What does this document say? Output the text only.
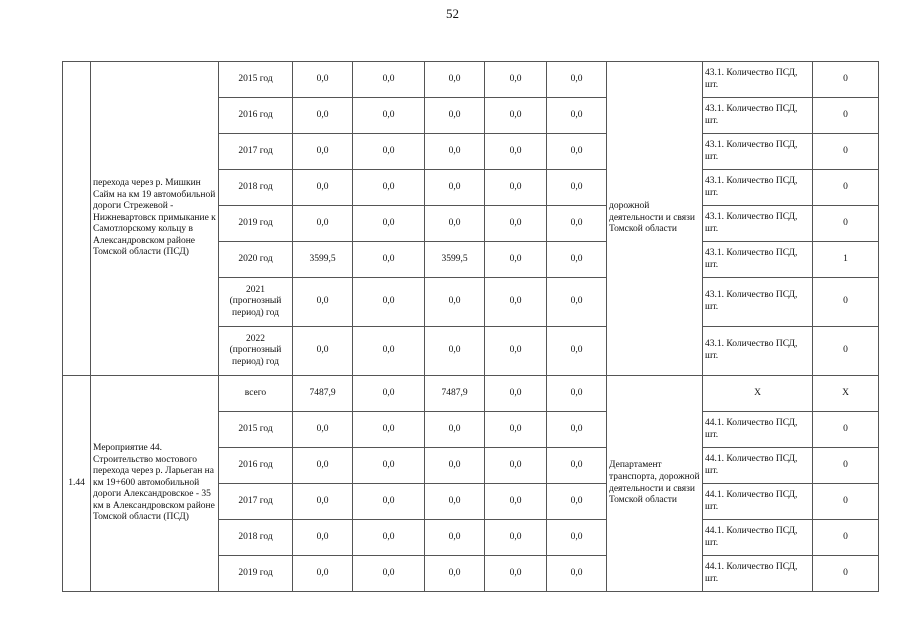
52
	перехода через р. Мишкин Сайм на км 19 автомобильной дороги Стрежевой - Нижневартовск примыкание к Самотлорскому кольцу в Александровском районе Томской области (ПСД)	2015 год	0,0	0,0	0,0	0,0	0,0	дорожной деятельности и связи Томской области	43.1. Количество ПСД, шт.	0
		2016 год	0,0	0,0	0,0	0,0	0,0		43.1. Количество ПСД, шт.	0
		2017 год	0,0	0,0	0,0	0,0	0,0		43.1. Количество ПСД, шт.	0
		2018 год	0,0	0,0	0,0	0,0	0,0		43.1. Количество ПСД, шт.	0
		2019 год	0,0	0,0	0,0	0,0	0,0		43.1. Количество ПСД, шт.	0
		2020 год	3599,5	0,0	3599,5	0,0	0,0		43.1. Количество ПСД, шт.	1
		2021 (прогнозный период) год	0,0	0,0	0,0	0,0	0,0		43.1. Количество ПСД, шт.	0
		2022 (прогнозный период) год	0,0	0,0	0,0	0,0	0,0		43.1. Количество ПСД, шт.	0
1.44	Мероприятие 44. Строительство мостового перехода через р. Ларьеган на км 19+600 автомобильной дороги Александровское - 35 км в Александровском районе Томской области (ПСД)	всего	7487,9	0,0	7487,9	0,0	0,0	Департамент транспорта, дорожной деятельности и связи Томской области	Х	Х
		2015 год	0,0	0,0	0,0	0,0	0,0		44.1. Количество ПСД, шт.	0
		2016 год	0,0	0,0	0,0	0,0	0,0		44.1. Количество ПСД, шт.	0
		2017 год	0,0	0,0	0,0	0,0	0,0		44.1. Количество ПСД, шт.	0
		2018 год	0,0	0,0	0,0	0,0	0,0		44.1. Количество ПСД, шт.	0
		2019 год	0,0	0,0	0,0	0,0	0,0		44.1. Количество ПСД, шт.	0
